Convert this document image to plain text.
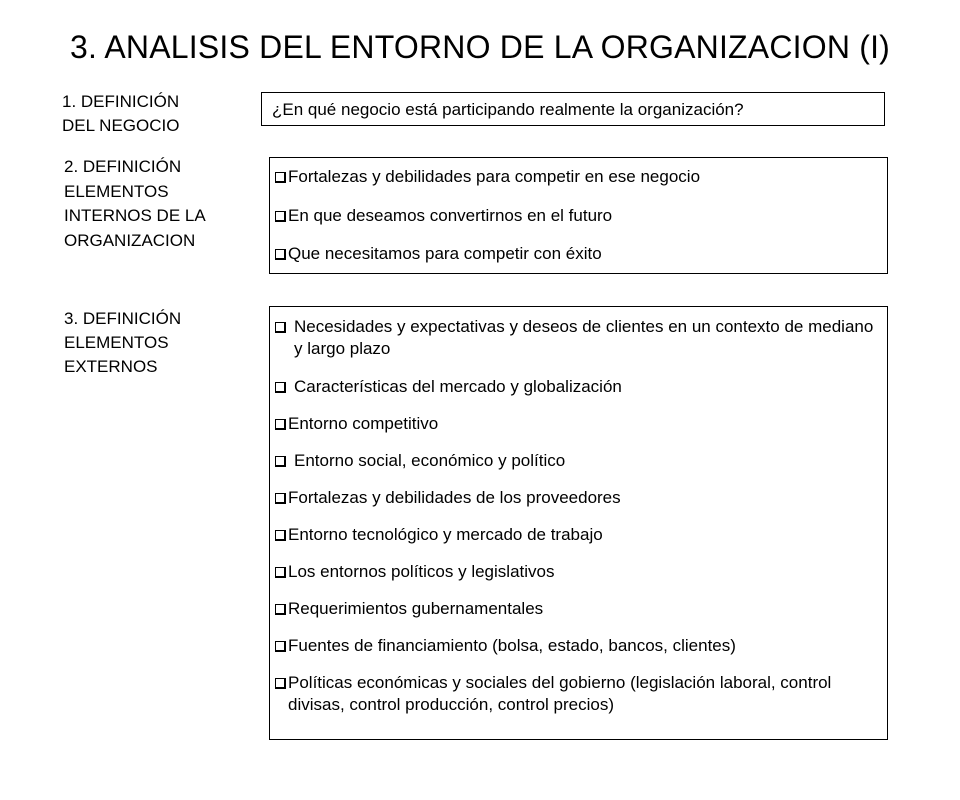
3. ANALISIS DEL ENTORNO DE LA ORGANIZACION (I)
1. DEFINICIÓN
DEL NEGOCIO
¿En qué negocio está participando realmente la organización?
2. DEFINICIÓN
ELEMENTOS
INTERNOS DE LA
ORGANIZACION
Fortalezas y debilidades para competir en ese negocio
En que deseamos convertirnos en el futuro
Que necesitamos para competir con éxito
3. DEFINICIÓN
ELEMENTOS
EXTERNOS
Necesidades y expectativas y deseos de clientes en un contexto de mediano y largo plazo
Características del mercado y globalización
Entorno competitivo
Entorno social, económico y político
Fortalezas y debilidades de los proveedores
Entorno tecnológico y mercado de trabajo
Los entornos políticos y legislativos
Requerimientos gubernamentales
Fuentes de financiamiento (bolsa, estado, bancos, clientes)
Políticas económicas y sociales del gobierno (legislación laboral, control divisas, control producción, control precios)
